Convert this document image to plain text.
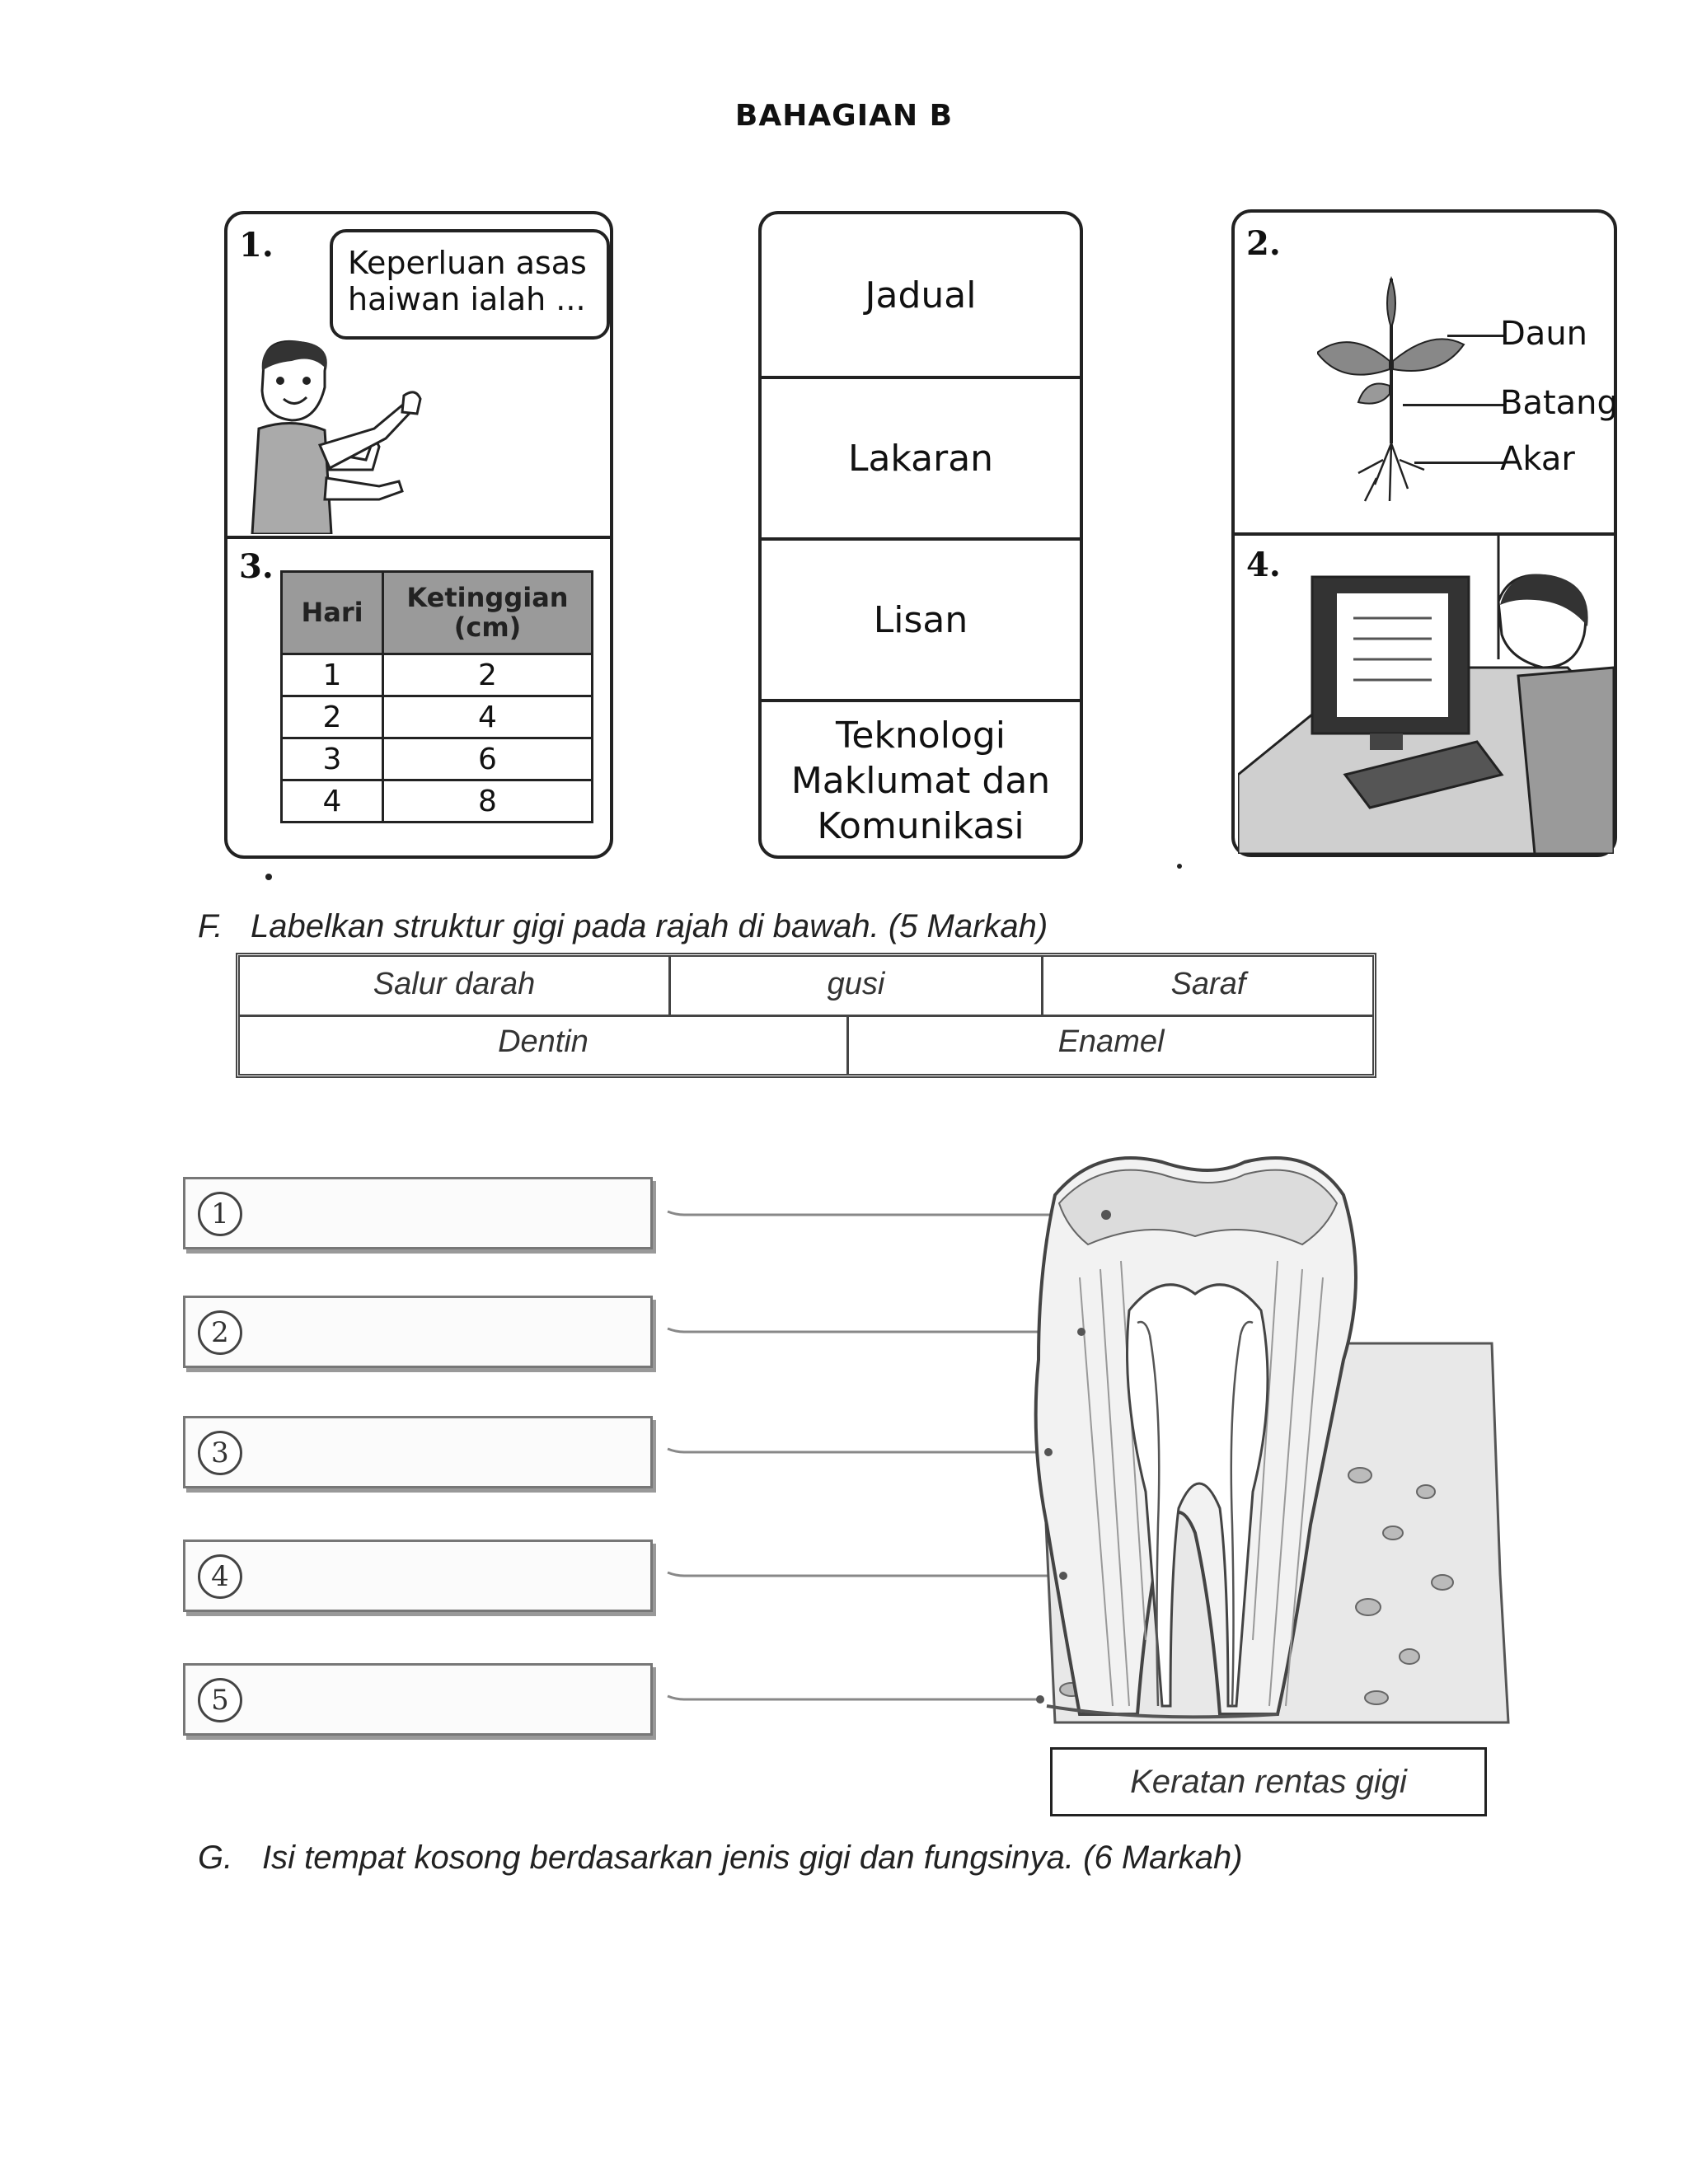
BAHAGIAN B
1.	Keperluan asas haiwan ialah ...
3.
Hari	Ketinggian (cm)
1	2
2	4
3	6
4	8
Jadual
Lakaran
Lisan
Teknologi Maklumat dan Komunikasi
2.
Daun
Batang
Akar
4.
F. Labelkan struktur gigi pada rajah di bawah. (5 Markah)
Salur darah	gusi	Saraf
Dentin	Enamel
1
2
3
4
5
Keratan rentas gigi
G. Isi tempat kosong berdasarkan jenis gigi dan fungsinya. (6 Markah)
